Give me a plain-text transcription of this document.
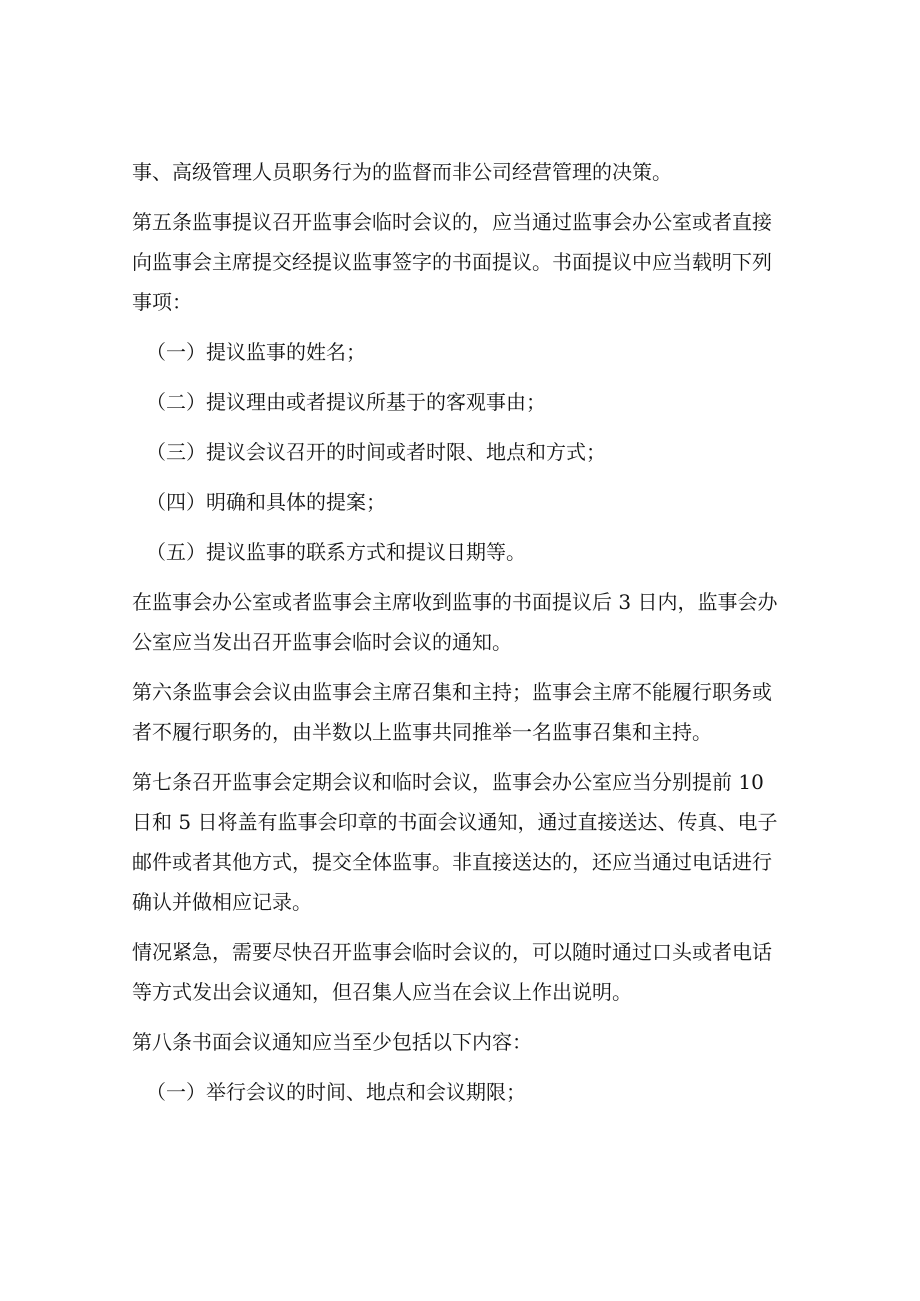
事、高级管理人员职务行为的监督而非公司经营管理的决策。
第五条监事提议召开监事会临时会议的，应当通过监事会办公室或者直接
向监事会主席提交经提议监事签字的书面提议。书面提议中应当载明下列
事项：
（一）提议监事的姓名；
（二）提议理由或者提议所基于的客观事由；
（三）提议会议召开的时间或者时限、地点和方式；
（四）明确和具体的提案；
（五）提议监事的联系方式和提议日期等。
在监事会办公室或者监事会主席收到监事的书面提议后 3 日内，监事会办
公室应当发出召开监事会临时会议的通知。
第六条监事会会议由监事会主席召集和主持；监事会主席不能履行职务或
者不履行职务的，由半数以上监事共同推举一名监事召集和主持。
第七条召开监事会定期会议和临时会议，监事会办公室应当分别提前 10
日和 5 日将盖有监事会印章的书面会议通知，通过直接送达、传真、电子
邮件或者其他方式，提交全体监事。非直接送达的，还应当通过电话进行
确认并做相应记录。
情况紧急，需要尽快召开监事会临时会议的，可以随时通过口头或者电话
等方式发出会议通知，但召集人应当在会议上作出说明。
第八条书面会议通知应当至少包括以下内容：
（一）举行会议的时间、地点和会议期限；
